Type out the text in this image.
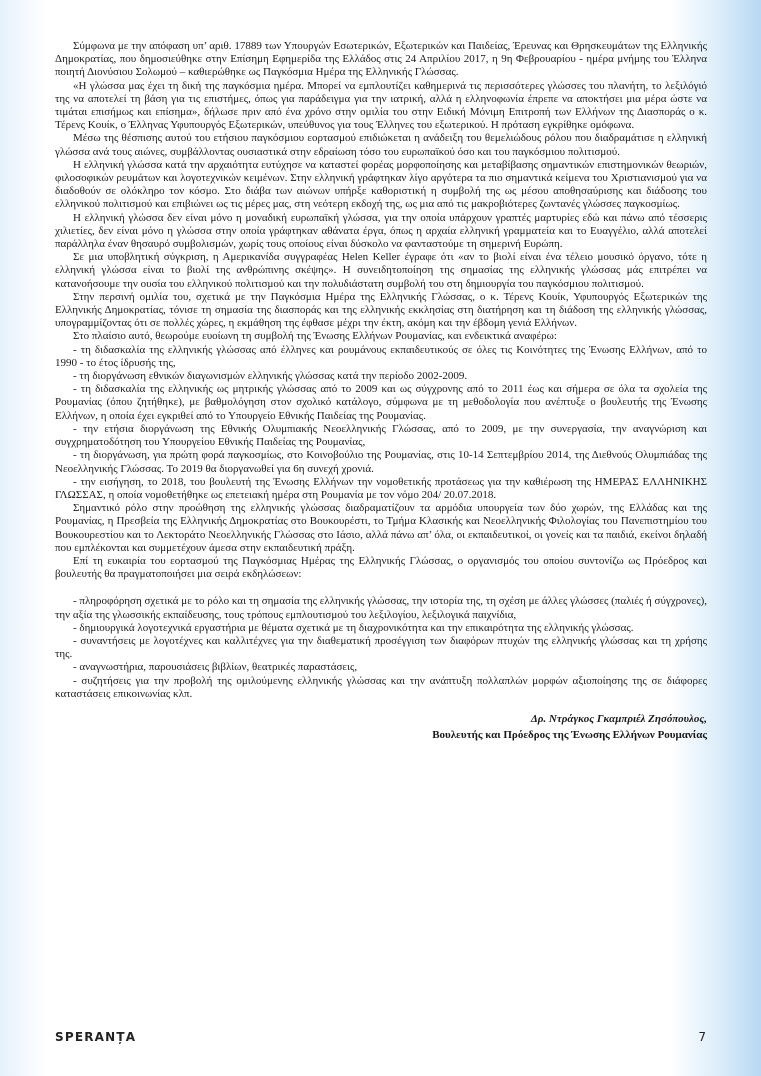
Σύμφωνα με την απόφαση υπ’ αριθ. 17889 των Υπουργών Εσωτερικών, Εξωτερικών και Παιδείας, Έρευνας και Θρησκευμάτων της Ελληνικής Δημοκρατίας, που δημοσιεύθηκε στην Επίσημη Εφημερίδα της Ελλάδος στις 24 Απριλίου 2017, η 9η Φεβρουαρίου - ημέρα μνήμης του Έλληνα ποιητή Διονύσιου Σολωμού – καθιερώθηκε ως Παγκόσμια Ημέρα της Ελληνικής Γλώσσας.

«Η γλώσσα μας έχει τη δική της παγκόσμια ημέρα. Μπορεί να εμπλουτίζει καθημερινά τις περισσότερες γλώσσες του πλανήτη, το λεξιλόγιό της να αποτελεί τη βάση για τις επιστήμες, όπως για παράδειγμα για την ιατρική, αλλά η ελληνοφωνία έπρεπε να αποκτήσει μια μέρα ώστε να τιμάται επισήμως και επίσημα», δήλωσε πριν από ένα χρόνο στην ομιλία του στην Ειδική Μόνιμη Επιτροπή των Ελλήνων της Διασποράς ο κ. Τέρενς Κουίκ, ο Έλληνας Υφυπουργός Εξωτερικών, υπεύθυνος για τους Έλληνες του εξωτερικού. Η πρόταση εγκρίθηκε ομόφωνα.

Μέσω της θέσπισης αυτού του ετήσιου παγκόσμιου εορτασμού επιδιώκεται η ανάδειξη του θεμελιώδους ρόλου που διαδραμάτισε η ελληνική γλώσσα ανά τους αιώνες, συμβάλλοντας ουσιαστικά στην εδραίωση τόσο του ευρωπαϊκού όσο και του παγκόσμιου πολιτισμού.

Η ελληνική γλώσσα κατά την αρχαιότητα ευτύχησε να καταστεί φορέας μορφοποίησης και μεταβίβασης σημαντικών επιστημονικών θεωριών, φιλοσοφικών ρευμάτων και λογοτεχνικών κειμένων. Στην ελληνική γράφτηκαν λίγο αργότερα τα πιο σημαντικά κείμενα του Χριστιανισμού για να διαδοθούν σε ολόκληρο τον κόσμο. Στο διάβα των αιώνων υπήρξε καθοριστική η συμβολή της ως μέσου αποθησαύρισης και διάδοσης του ελληνικού πολιτισμού και επιβιώνει ως τις μέρες μας, στη νεότερη εκδοχή της, ως μια από τις μακροβιότερες ζωντανές γλώσσες παγκοσμίως.

Η ελληνική γλώσσα δεν είναι μόνο η μοναδική ευρωπαϊκή γλώσσα, για την οποία υπάρχουν γραπτές μαρτυρίες εδώ και πάνω από τέσσερις χιλιετίες, δεν είναι μόνο η γλώσσα στην οποία γράφτηκαν αθάνατα έργα, όπως η αρχαία ελληνική γραμματεία και το Ευαγγέλιο, αλλά αποτελεί παράλληλα έναν θησαυρό συμβολισμών, χωρίς τους οποίους είναι δύσκολο να φανταστούμε τη σημερινή Ευρώπη.

Σε μια υποβλητική σύγκριση, η Αμερικανίδα συγγραφέας Helen Keller έγραφε ότι «αν το βιολί είναι ένα τέλειο μουσικό όργανο, τότε η ελληνική γλώσσα είναι το βιολί της ανθρώπινης σκέψης». Η συνειδητοποίηση της σημασίας της ελληνικής γλώσσας μάς επιτρέπει να κατανοήσουμε την ουσία του ελληνικού πολιτισμού και την πολυδιάστατη συμβολή του στη δημιουργία του παγκόσμιου πολιτισμού.

Στην περσινή ομιλία του, σχετικά με την Παγκόσμια Ημέρα της Ελληνικής Γλώσσας, ο κ. Τέρενς Κουίκ, Υφυπουργός Εξωτερικών της Ελληνικής Δημοκρατίας, τόνισε τη σημασία της διασποράς και της ελληνικής εκκλησίας στη διατήρηση και τη διάδοση της ελληνικής γλώσσας, υπογραμμίζοντας ότι σε πολλές χώρες, η εκμάθηση της έφθασε μέχρι την έκτη, ακόμη και την έβδομη γενιά Ελλήνων.

Στο πλαίσιο αυτό, θεωρούμε ευοίωνη τη συμβολή της Ένωσης Ελλήνων Ρουμανίας, και ενδεικτικά αναφέρω:

- τη διδασκαλία της ελληνικής γλώσσας από έλληνες και ρουμάνους εκπαιδευτικούς σε όλες τις Κοινότητες της Ένωσης Ελλήνων, από το 1990 - το έτος ίδρυσής της,

- τη διοργάνωση εθνικών διαγωνισμών ελληνικής γλώσσας κατά την περίοδο 2002-2009.

- τη διδασκαλία της ελληνικής ως μητρικής γλώσσας από το 2009 και ως σύγχρονης από το 2011 έως και σήμερα σε όλα τα σχολεία της Ρουμανίας (όπου ζητήθηκε), με βαθμολόγηση στον σχολικό κατάλογο, σύμφωνα με τη μεθοδολογία που ανέπτυξε ο βουλευτής της Ένωσης Ελλήνων, η οποία έχει εγκριθεί από το Υπουργείο Εθνικής Παιδείας της Ρουμανίας.

- την ετήσια διοργάνωση της Εθνικής Ολυμπιακής Νεοελληνικής Γλώσσας, από το 2009, με την συνεργασία, την αναγνώριση και συγχρηματοδότηση του Υπουργείου Εθνικής Παιδείας της Ρουμανίας,

- τη διοργάνωση, για πρώτη φορά παγκοσμίως, στο Κοινοβούλιο της Ρουμανίας, στις 10-14 Σεπτεμβρίου 2014, της Διεθνούς Ολυμπιάδας της Νεοελληνικής Γλώσσας. Το 2019 θα διοργανωθεί για 6η συνεχή χρονιά.

- την εισήγηση, το 2018, του βουλευτή της Ένωσης Ελλήνων την νομοθετικής προτάσεως για την καθιέρωση της ΗΜΕΡΑΣ ΕΛΛΗΝΙΚΗΣ ΓΛΩΣΣΑΣ, η οποία νομοθετήθηκε ως επετειακή ημέρα στη Ρουμανία με τον νόμο 204/ 20.07.2018.

Σημαντικό ρόλο στην προώθηση της ελληνικής γλώσσας διαδραματίζουν τα αρμόδια υπουργεία των δύο χωρών, της Ελλάδας και της Ρουμανίας, η Πρεσβεία της Ελληνικής Δημοκρατίας στο Βουκουρέστι, το Τμήμα Κλασικής και Νεοελληνικής Φιλολογίας του Πανεπιστημίου του Βουκουρεστίου και το Λεκτοράτο Νεοελληνικής Γλώσσας στο Ιάσιο, αλλά πάνω απ’ όλα, οι εκπαιδευτικοί, οι γονείς και τα παιδιά, εκείνοι δηλαδή που εμπλέκονται και συμμετέχουν άμεσα στην εκπαιδευτική πράξη.

Επί τη ευκαιρία του εορτασμού της Παγκόσμιας Ημέρας της Ελληνικής Γλώσσας, ο οργανισμός του οποίου συντονίζω ως Πρόεδρος και βουλευτής θα πραγματοποιήσει μια σειρά εκδηλώσεων:

- πληροφόρηση σχετικά με το ρόλο και τη σημασία της ελληνικής γλώσσας, την ιστορία της, τη σχέση με άλλες γλώσσες (παλιές ή σύγχρονες), την αξία της γλωσσικής εκπαίδευσης, τους τρόπους εμπλουτισμού του λεξιλογίου, λεξιλογικά παιχνίδια,

- δημιουργικά λογοτεχνικά εργαστήρια με θέματα σχετικά με τη διαχρονικότητα και την επικαιρότητα της ελληνικής γλώσσας.

- συναντήσεις με λογοτέχνες και καλλιτέχνες για την διαθεματική προσέγγιση των διαφόρων πτυχών της ελληνικής γλώσσας και τη χρήσης της.

- αναγνωστήρια, παρουσιάσεις βιβλίων, θεατρικές παραστάσεις,

- συζητήσεις για την προβολή της ομιλούμενης ελληνικής γλώσσας και την ανάπτυξη πολλαπλών μορφών αξιοποίησης της σε διάφορες καταστάσεις επικοινωνίας κλπ.

Δρ. Ντράγκος Γκαμπριέλ Ζησόπουλος,
Βουλευτής και Πρόεδρος της Ένωσης Ελλήνων Ρουμανίας
SPERANȚA	7
